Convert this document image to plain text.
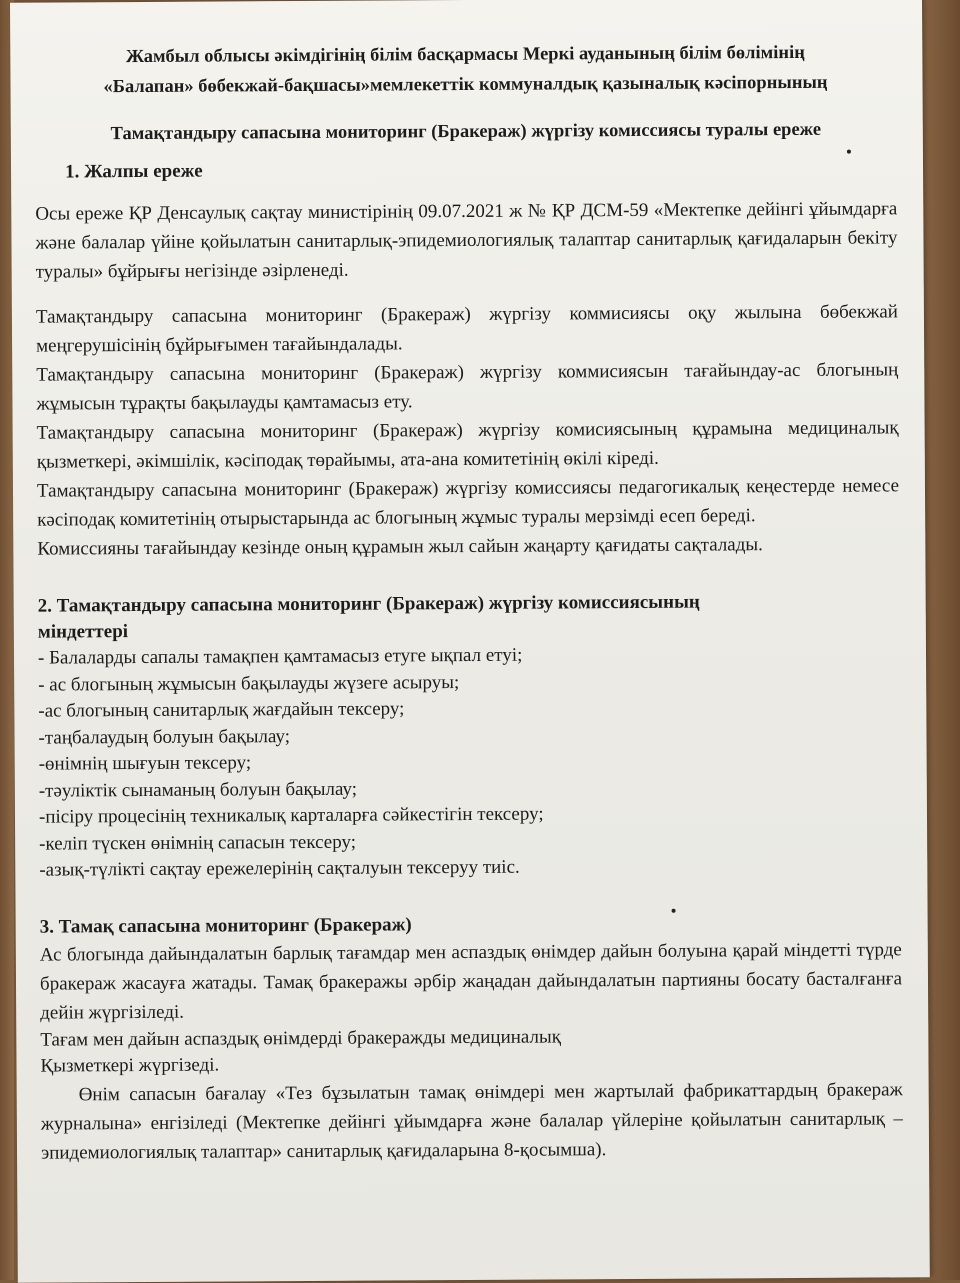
Жамбыл облысы әкімдігінің білім басқармасы Меркі ауданының білім бөлімінің
«Балапан» бөбекжай-бақшасы»мемлекеттік коммуналдық қазыналық кәсіпорнының
Тамақтандыру сапасына мониторинг (Бракераж) жүргізу комиссиясы туралы ереже
1. Жалпы ереже

Осы ереже ҚР Денсаулық сақтау министірінің 09.07.2021 ж № ҚР ДСМ-59 «Мектепке дейінгі ұйымдарға және балалар үйіне қойылатын санитарлық-эпидемиологиялық талаптар санитарлық қағидаларын бекіту туралы» бұйрығы негізінде әзірленеді.

Тамақтандыру сапасына мониторинг (Бракераж) жүргізу коммисиясы оқу жылына бөбекжай меңгерушісінің бұйрығымен тағайындалады.

Тамақтандыру сапасына мониторинг (Бракераж) жүргізу коммисиясын тағайындау-ас блогының жұмысын тұрақты бақылауды қамтамасыз ету.

Тамақтандыру сапасына мониторинг (Бракераж) жүргізу комисиясының құрамына медициналық қызметкері, әкімшілік, кәсіподақ төрайымы, ата-ана комитетінің өкілі кіреді.

Тамақтандыру сапасына мониторинг (Бракераж) жүргізу комиссиясы педагогикалық кеңестерде немесе кәсіподақ комитетінің отырыстарында ас блогының жұмыс туралы мерзімді есеп береді.

Комиссияны тағайындау кезінде оның құрамын жыл сайын жаңарту қағидаты сақталады.

2. Тамақтандыру сапасына мониторинг (Бракераж) жүргізу комиссиясының
міндеттері
- Балаларды сапалы тамақпен қамтамасыз етуге ықпал етуі;
- ас блогының жұмысын бақылауды жүзеге асыруы;
-ас блогының санитарлық жағдайын тексеру;
-таңбалаудың болуын бақылау;
-өнімнің шығуын тексеру;
-тәуліктік сынаманың болуын бақылау;
-пісіру процесінің техникалық карталарға сәйкестігін тексеру;
-келіп түскен өнімнің сапасын тексеру;
-азық-түлікті сақтау ережелерінің сақталуын тексеруу тиіс.
3. Тамақ сапасына мониторинг (Бракераж)

Ас блогында дайындалатын барлық тағамдар мен аспаздық өнімдер дайын болуына қарай міндетті түрде бракераж жасауға жатады. Тамақ бракеражы әрбір жаңадан дайындалатын партияны босату басталғанға дейін жүргізіледі.

Тағам мен дайын аспаздық өнімдерді бракеражды медициналық
Қызметкері жүргізеді.

Өнім сапасын бағалау «Тез бұзылатын тамақ өнімдері мен жартылай фабрикаттардың бракераж журналына» енгізіледі (Мектепке дейінгі ұйымдарға және балалар үйлеріне қойылатын санитарлық – эпидемиологиялық талаптар» санитарлық қағидаларына 8-қосымша).
